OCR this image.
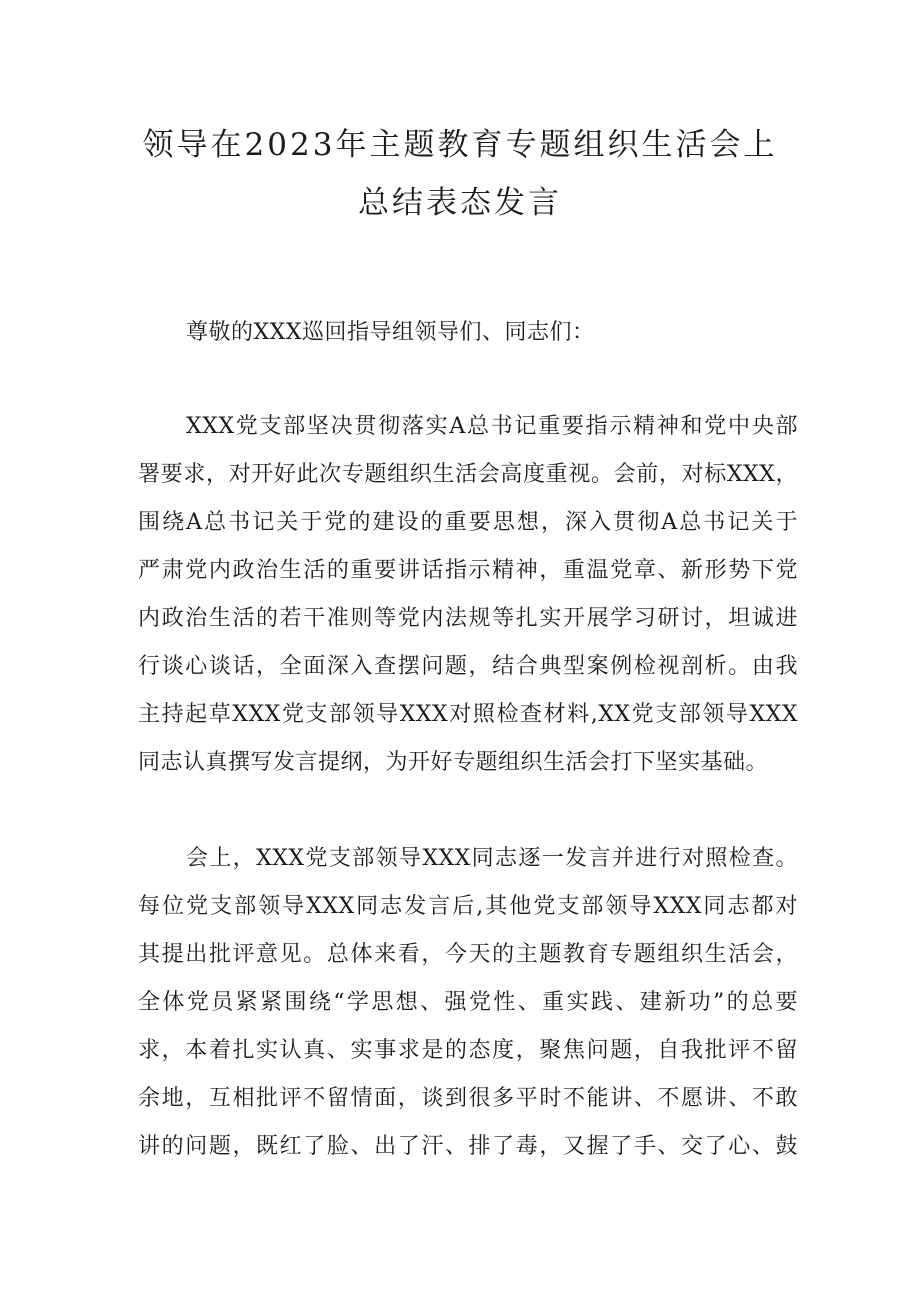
领导在2023年主题教育专题组织生活会上
总结表态发言
尊敬的XXX巡回指导组领导们、同志们：
XXX党支部坚决贯彻落实A总书记重要指示精神和党中央部
署要求，对开好此次专题组织生活会高度重视。会前，对标XXX，
围绕A总书记关于党的建设的重要思想，深入贯彻A总书记关于
严肃党内政治生活的重要讲话指示精神，重温党章、新形势下党
内政治生活的若干准则等党内法规等扎实开展学习研讨，坦诚进
行谈心谈话，全面深入查摆问题，结合典型案例检视剖析。由我
主持起草XXX党支部领导XXX对照检查材料,XX党支部领导XXX
同志认真撰写发言提纲，为开好专题组织生活会打下坚实基础。
会上，XXX党支部领导XXX同志逐一发言并进行对照检查。
每位党支部领导XXX同志发言后,其他党支部领导XXX同志都对
其提出批评意见。总体来看，今天的主题教育专题组织生活会，
全体党员紧紧围绕“学思想、强党性、重实践、建新功”的总要
求，本着扎实认真、实事求是的态度，聚焦问题，自我批评不留
余地，互相批评不留情面，谈到很多平时不能讲、不愿讲、不敢
讲的问题，既红了脸、出了汗、排了毒，又握了手、交了心、鼓
